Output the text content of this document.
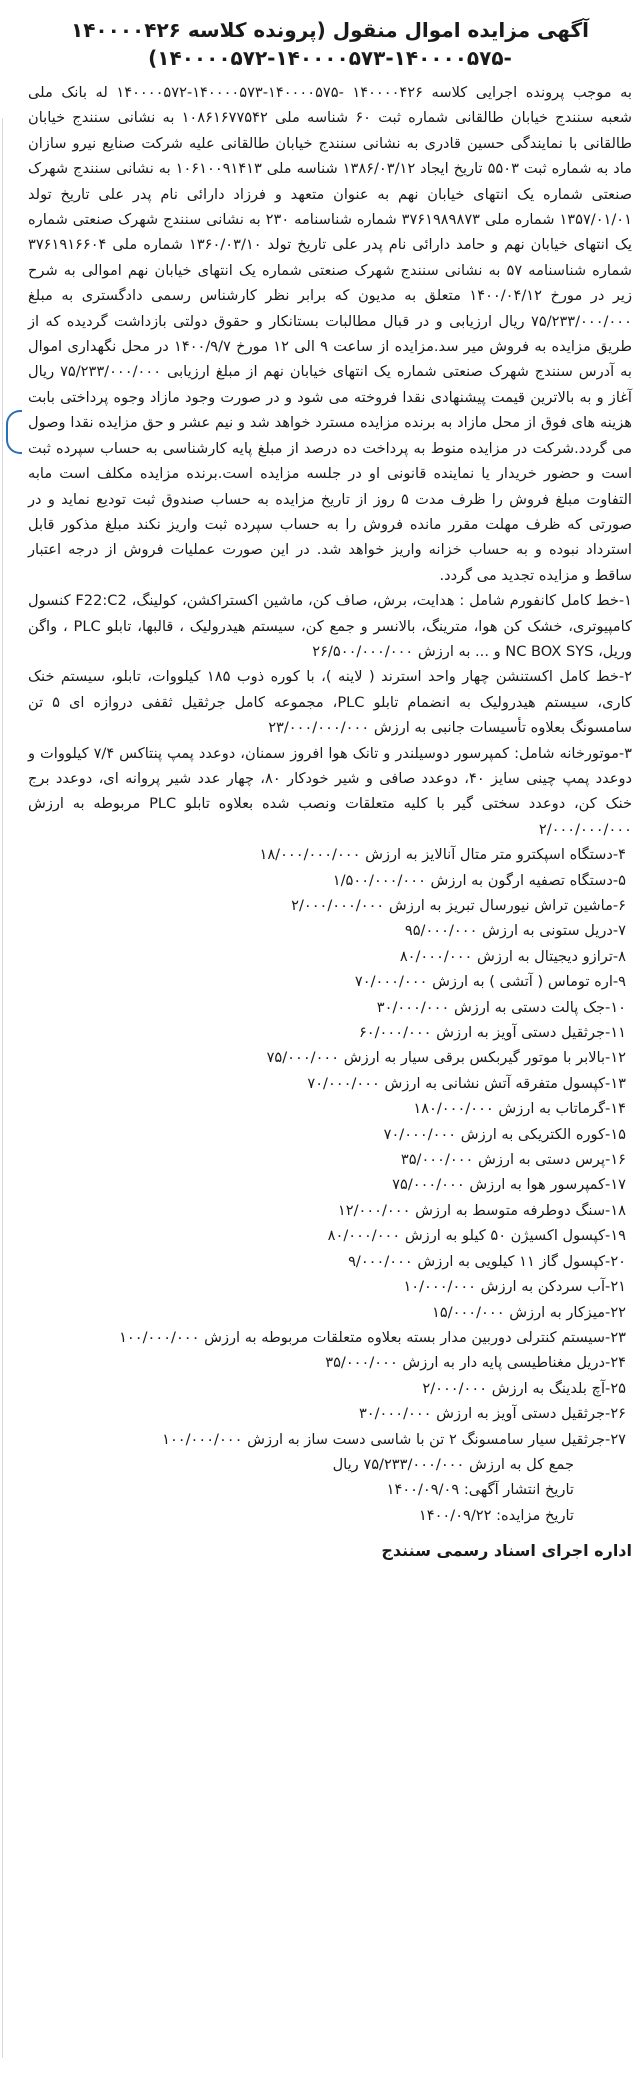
آگهی مزایده اموال منقول (پرونده کلاسه ۱۴۰۰۰۰۴۲۶ -۱۴۰۰۰۰۵۷۵-۱۴۰۰۰۰۵۷۳-۱۴۰۰۰۰۵۷۲)

به موجب پرونده اجرایی کلاسه ۱۴۰۰۰۰۴۲۶ -۱۴۰۰۰۰۵۷۵-۱۴۰۰۰۰۵۷۳-۱۴۰۰۰۰۵۷۲ له بانک ملی شعبه سنندج خیابان طالقانی شماره ثبت ۶۰ شناسه ملی ۱۰۸۶۱۶۷۷۵۴۲ به نشانی سنندج خیابان طالقانی با نمایندگی حسین قادری به نشانی سنندج خیابان طالقانی علیه شرکت صنایع نیرو سازان ماد به شماره ثبت ۵۵۰۳ تاریخ ایجاد ۱۳۸۶/۰۳/۱۲ شناسه ملی ۱۰۶۱۰۰۹۱۴۱۳ به نشانی سنندج شهرک صنعتی شماره یک انتهای خیابان نهم به عنوان متعهد و فرزاد دارائی نام پدر علی تاریخ تولد ۱۳۵۷/۰۱/۰۱ شماره ملی ۳۷۶۱۹۸۹۸۷۳ شماره شناسنامه ۲۳۰ به نشانی سنندج شهرک صنعتی شماره یک انتهای خیابان نهم و حامد دارائی نام پدر علی تاریخ تولد ۱۳۶۰/۰۳/۱۰ شماره ملی ۳۷۶۱۹۱۶۶۰۴ شماره شناسنامه ۵۷ به نشانی سنندج شهرک صنعتی شماره یک انتهای خیابان نهم اموالی به شرح زیر در مورخ ۱۴۰۰/۰۴/۱۲ متعلق به مدیون که برابر نظر کارشناس رسمی دادگستری به مبلغ ۷۵/۲۳۳/۰۰۰/۰۰۰ ریال ارزیابی و در قبال مطالبات بستانکار و حقوق دولتی بازداشت گردیده که از طریق مزایده به فروش میر سد.مزایده از ساعت ۹ الی ۱۲ مورخ ۱۴۰۰/۹/۷ در محل نگهداری اموال به آدرس سنندج شهرک صنعتی شماره یک انتهای خیابان نهم از مبلغ ارزیابی ۷۵/۲۳۳/۰۰۰/۰۰۰ ریال آغاز و به بالاترین قیمت پیشنهادی نقدا فروخته می شود و در صورت وجود مازاد وجوه پرداختی بابت هزینه های فوق از محل مازاد به برنده مزایده مسترد خواهد شد و نیم عشر و حق مزایده نقدا وصول می گردد.شرکت در مزایده منوط به پرداخت ده درصد از مبلغ پایه کارشناسی به حساب سپرده ثبت است و حضور خریدار یا نماینده قانونی او در جلسه مزایده است.برنده مزایده مکلف است مابه التفاوت مبلغ فروش را ظرف مدت ۵ روز از تاریخ مزایده به حساب صندوق ثبت تودیع نماید و در صورتی که ظرف مهلت مقرر مانده فروش را به حساب سپرده ثبت واریز نکند مبلغ مذکور قابل استرداد نبوده و به حساب خزانه واریز خواهد شد. در این صورت عملیات فروش از درجه اعتبار ساقط و مزایده تجدید می گردد.

۱-خط کامل کانفورم شامل : هدایت، برش، صاف کن، ماشین اکستراکشن، کولینگ، F22:C2 کنسول کامپیوتری، خشک کن هوا، مترینگ، بالانسر و جمع کن، سیستم هیدرولیک ، قالبها، تابلو PLC ، واگن وریل، NC BOX SYS و ... به ارزش ۲۶/۵۰۰/۰۰۰/۰۰۰

۲-خط کامل اکستنشن چهار واحد استرند ( لاینه )، با کوره ذوب ۱۸۵ کیلووات، تابلو، سیستم خنک کاری، سیستم هیدرولیک به انضمام تابلو PLC، مجموعه کامل جرثقیل ثقفی دروازه ای ۵ تن سامسونگ بعلاوه تأسیسات جانبی به ارزش ۲۳/۰۰۰/۰۰۰/۰۰۰

۳-موتورخانه شامل: کمپرسور دوسیلندر و تانک هوا افروز سمنان، دوعدد پمپ پنتاکس ۷/۴ کیلووات و دوعدد پمپ چینی سایز ۴۰، دوعدد صافی و شیر خودکار ۸۰، چهار عدد شیر پروانه ای، دوعدد برج خنک کن، دوعدد سختی گیر با کلیه متعلقات ونصب شده بعلاوه تابلو PLC مربوطه به ارزش ۲/۰۰۰/۰۰۰/۰۰۰

۴-دستگاه اسپکترو متر متال آنالایز به ارزش ۱۸/۰۰۰/۰۰۰/۰۰۰

۵-دستگاه تصفیه ارگون به ارزش ۱/۵۰۰/۰۰۰/۰۰۰

۶-ماشین تراش نیورسال تبریز به ارزش ۲/۰۰۰/۰۰۰/۰۰۰

۷-دریل ستونی به ارزش ۹۵/۰۰۰/۰۰۰

۸-ترازو دیجیتال به ارزش ۸۰/۰۰۰/۰۰۰

۹-اره توماس ( آتشی ) به ارزش ۷۰/۰۰۰/۰۰۰

۱۰-جک پالت دستی به ارزش ۳۰/۰۰۰/۰۰۰

۱۱-جرثقیل دستی آویز به ارزش ۶۰/۰۰۰/۰۰۰

۱۲-بالابر با موتور گیربکس برقی سیار به ارزش ۷۵/۰۰۰/۰۰۰

۱۳-کپسول متفرقه آتش نشانی به ارزش ۷۰/۰۰۰/۰۰۰

۱۴-گرماتاب به ارزش ۱۸۰/۰۰۰/۰۰۰

۱۵-کوره الکتریکی به ارزش ۷۰/۰۰۰/۰۰۰

۱۶-پرس دستی به ارزش ۳۵/۰۰۰/۰۰۰

۱۷-کمپرسور هوا به ارزش ۷۵/۰۰۰/۰۰۰

۱۸-سنگ دوطرفه متوسط به ارزش ۱۲/۰۰۰/۰۰۰

۱۹-کپسول اکسیژن ۵۰ کیلو به ارزش ۸۰/۰۰۰/۰۰۰

۲۰-کپسول گاز ۱۱ کیلویی به ارزش ۹/۰۰۰/۰۰۰

۲۱-آب سردکن به ارزش ۱۰/۰۰۰/۰۰۰

۲۲-میزکار به ارزش ۱۵/۰۰۰/۰۰۰

۲۳-سیستم کنترلی دوربین مدار بسته بعلاوه متعلقات مربوطه به ارزش ۱۰۰/۰۰۰/۰۰۰

۲۴-دریل مغناطیسی پایه دار به ارزش ۳۵/۰۰۰/۰۰۰

۲۵-آچ بلدینگ به ارزش ۲/۰۰۰/۰۰۰

۲۶-جرثقیل دستی آویز به ارزش ۳۰/۰۰۰/۰۰۰

۲۷-جرثقیل سیار سامسونگ ۲ تن با شاسی دست ساز به ارزش ۱۰۰/۰۰۰/۰۰۰

جمع کل به ارزش ۷۵/۲۳۳/۰۰۰/۰۰۰ ریال

تاریخ انتشار آگهی: ۱۴۰۰/۰۹/۰۹

تاریخ مزایده: ۱۴۰۰/۰۹/۲۲

اداره اجرای اسناد رسمی سنندج
